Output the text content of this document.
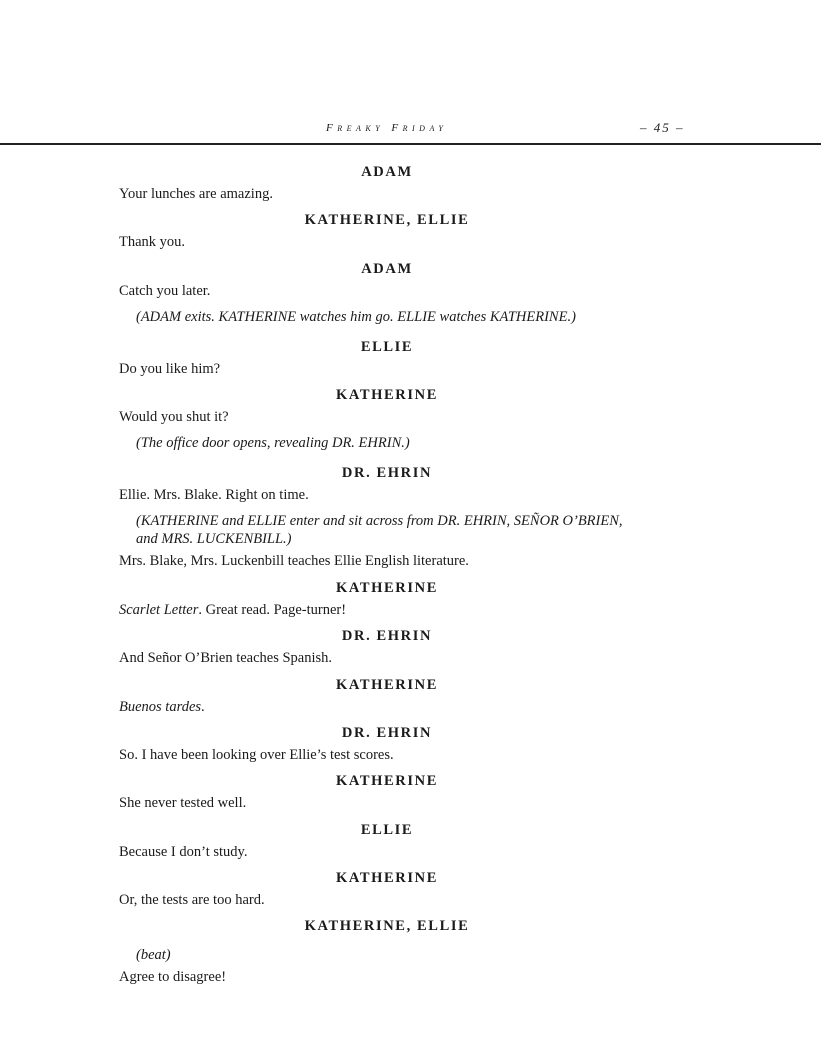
Freaky Friday	– 45 –
ADAM
Your lunches are amazing.
KATHERINE, ELLIE
Thank you.
ADAM
Catch you later.
(ADAM exits. KATHERINE watches him go. ELLIE watches KATHERINE.)
ELLIE
Do you like him?
KATHERINE
Would you shut it?
(The office door opens, revealing DR. EHRIN.)
DR. EHRIN
Ellie. Mrs. Blake. Right on time.
(KATHERINE and ELLIE enter and sit across from DR. EHRIN, SEÑOR O’BRIEN,
and MRS. LUCKENBILL.)
Mrs. Blake, Mrs. Luckenbill teaches Ellie English literature.
KATHERINE
Scarlet Letter. Great read. Page-turner!
DR. EHRIN
And Señor O’Brien teaches Spanish.
KATHERINE
Buenos tardes.
DR. EHRIN
So. I have been looking over Ellie’s test scores.
KATHERINE
She never tested well.
ELLIE
Because I don’t study.
KATHERINE
Or, the tests are too hard.
KATHERINE, ELLIE
(beat)
Agree to disagree!
